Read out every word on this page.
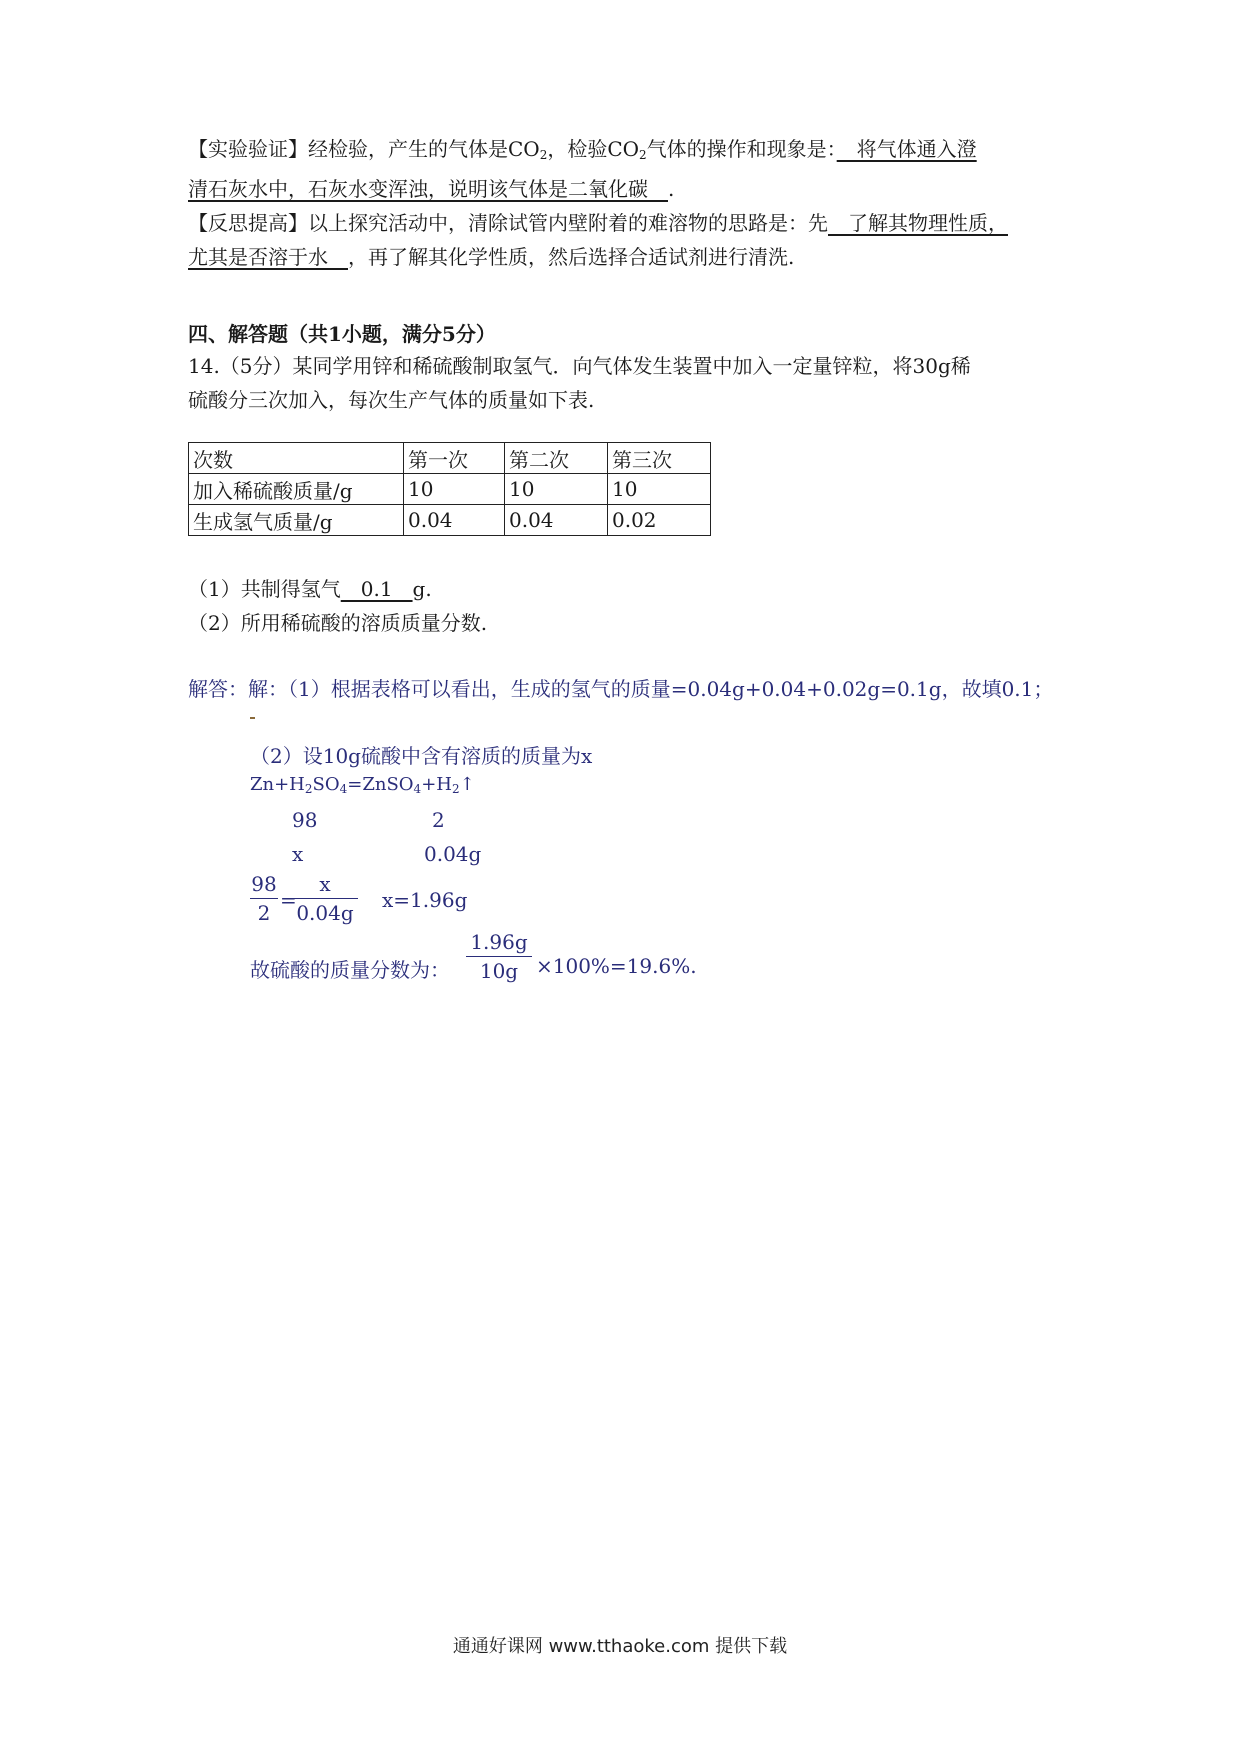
【实验验证】经检验，产生的气体是$CO_2$，检验$CO_2$气体的操作和现象是：　将气体通入澄
清石灰水中，石灰水变浑浊，说明该气体是二氧化碳　.
【反思提高】以上探究活动中，清除试管内壁附着的难溶物的思路是：先　了解其物理性质，
尤其是否溶于水　，再了解其化学性质，然后选择合适试剂进行清洗.
四、解答题（共1小题，满分5分）
14.（5分）某同学用锌和稀硫酸制取氢气．向气体发生装置中加入一定量锌粒，将30g稀
硫酸分三次加入，每次生产气体的质量如下表.
次数	第一次	第二次	第三次
加入稀硫酸质量/g	10	10	10
生成氢气质量/g	0.04	0.04	0.02
（1）共制得氢气　0.1　g.
（2）所用稀硫酸的溶质质量分数.
解答：解：（1）根据表格可以看出，生成的氢气的质量=0.04g+0.04+0.02g=0.1g，故填0.1；
（2）设10g硫酸中含有溶质的质量为x
$Zn+H_2SO_4=ZnSO_4+H_2↑$
98	2
x	0.04g
98
2
=
x
0.04g
x=1.96g
故硫酸的质量分数为：
1.96g
10g ×100%=19.6%.
通通好课网 www.tthaoke.com 提供下载
